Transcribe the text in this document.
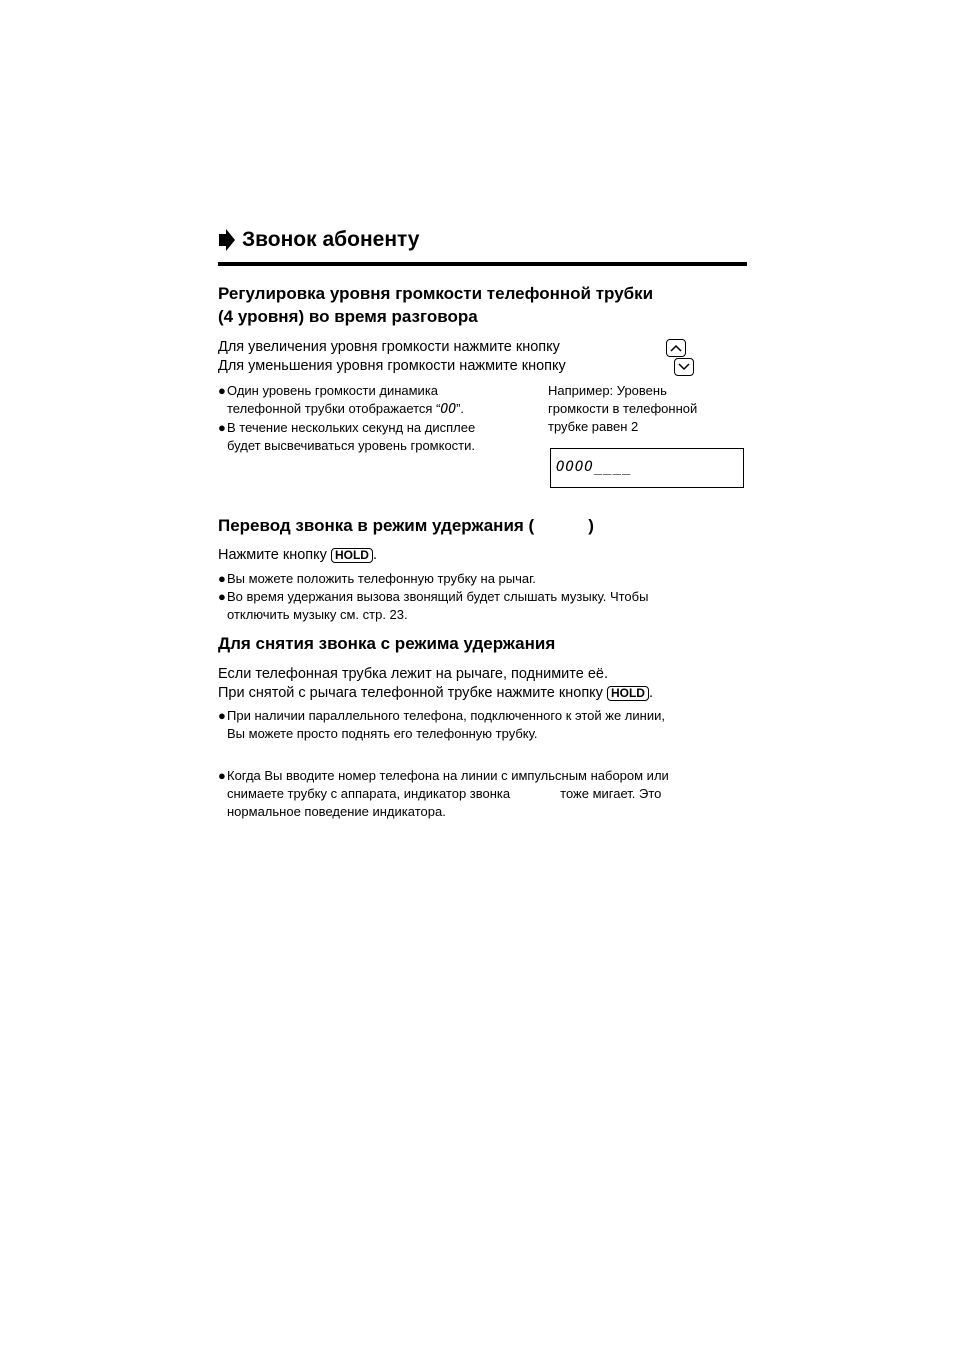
Звонок абоненту
Регулировка уровня громкости телефонной трубки
(4 уровня) во время разговора
Для увеличения уровня громкости нажмите кнопку
Для уменьшения уровня громкости нажмите кнопку
● Один уровень громкости динамика
телефонной трубки отображается “OO”.
● В течение нескольких секунд на дисплее
будет высвечиваться уровень громкости.
Например: Уровень
громкости в телефонной
трубке равен 2
OOOO____
Перевод звонка в режим удержания (	)
Нажмите кнопку HOLD .
● Вы можете положить телефонную трубку на рычаг.
● Во время удержания вызова звонящий будет слышать музыку. Чтобы
отключить музыку см. стр. 23.
Для снятия звонка с режима удержания
Если телефонная трубка лежит на рычаге, поднимите её.
При снятой с рычага телефонной трубке нажмите кнопку HOLD .
● При наличии параллельного телефона, подключенного к этой же линии,
Вы можете просто поднять его телефонную трубку.
● Когда Вы вводите номер телефона на линии с импульсным набором или
снимаете трубку с аппарата, индикатор звонка	тоже мигает. Это
нормальное поведение индикатора.
